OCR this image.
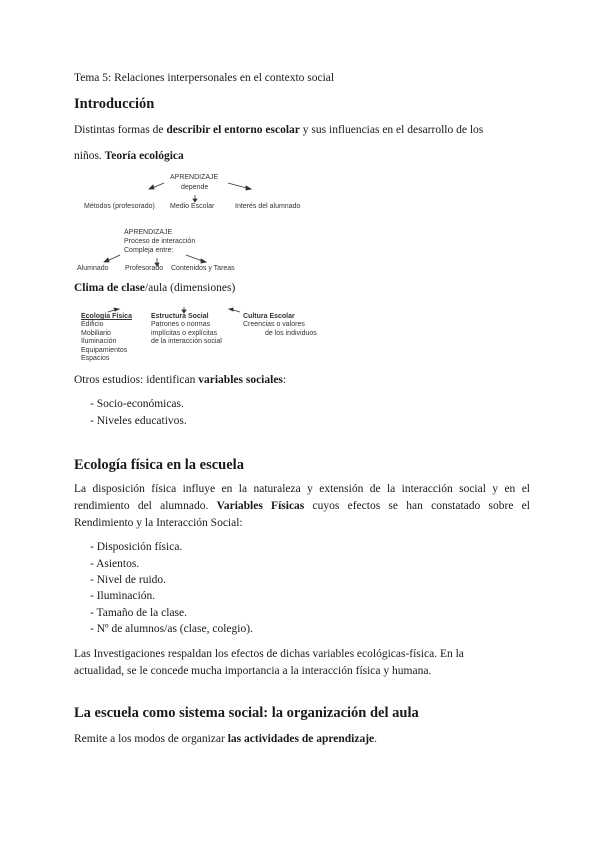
Tema 5: Relaciones interpersonales en el contexto social
Introducción
Distintas formas de describir el entorno escolar y sus influencias en el desarrollo de los
niños. Teoría ecológica
APRENDIZAJE
depende
Métodos (profesorado) Medio Escolar	Interés del alumnado
APRENDIZAJE
Proceso de interacción
Compleja entre:
Alumnado Profesorado Contenidos y Tareas
Clima de clase/aula (dimensiones)
Ecología Física
Edificio
Mobiliario
Iluminación
Equipamientos
Espacios
Estructura Social
Patrones o normas
implícitas o explícitas
de la interacción social
Cultura Escolar
Creencias o valores
de los individuos
Otros estudios: identifican variables sociales:
- Socio-económicas.
- Niveles educativos.
Ecología física en la escuela
La disposición física influye en la naturaleza y extensión de la interacción social y en el
rendimiento del alumnado. Variables Físicas cuyos efectos se han constatado sobre el
Rendimiento y la Interacción Social:
- Disposición física.
- Asientos.
- Nivel de ruido.
- Iluminación.
- Tamaño de la clase.
- Nº de alumnos/as (clase, colegio).
Las Investigaciones respaldan los efectos de dichas variables ecológicas-física. En la
actualidad, se le concede mucha importancia a la interacción física y humana.
La escuela como sistema social: la organización del aula
Remite a los modos de organizar las actividades de aprendizaje.
